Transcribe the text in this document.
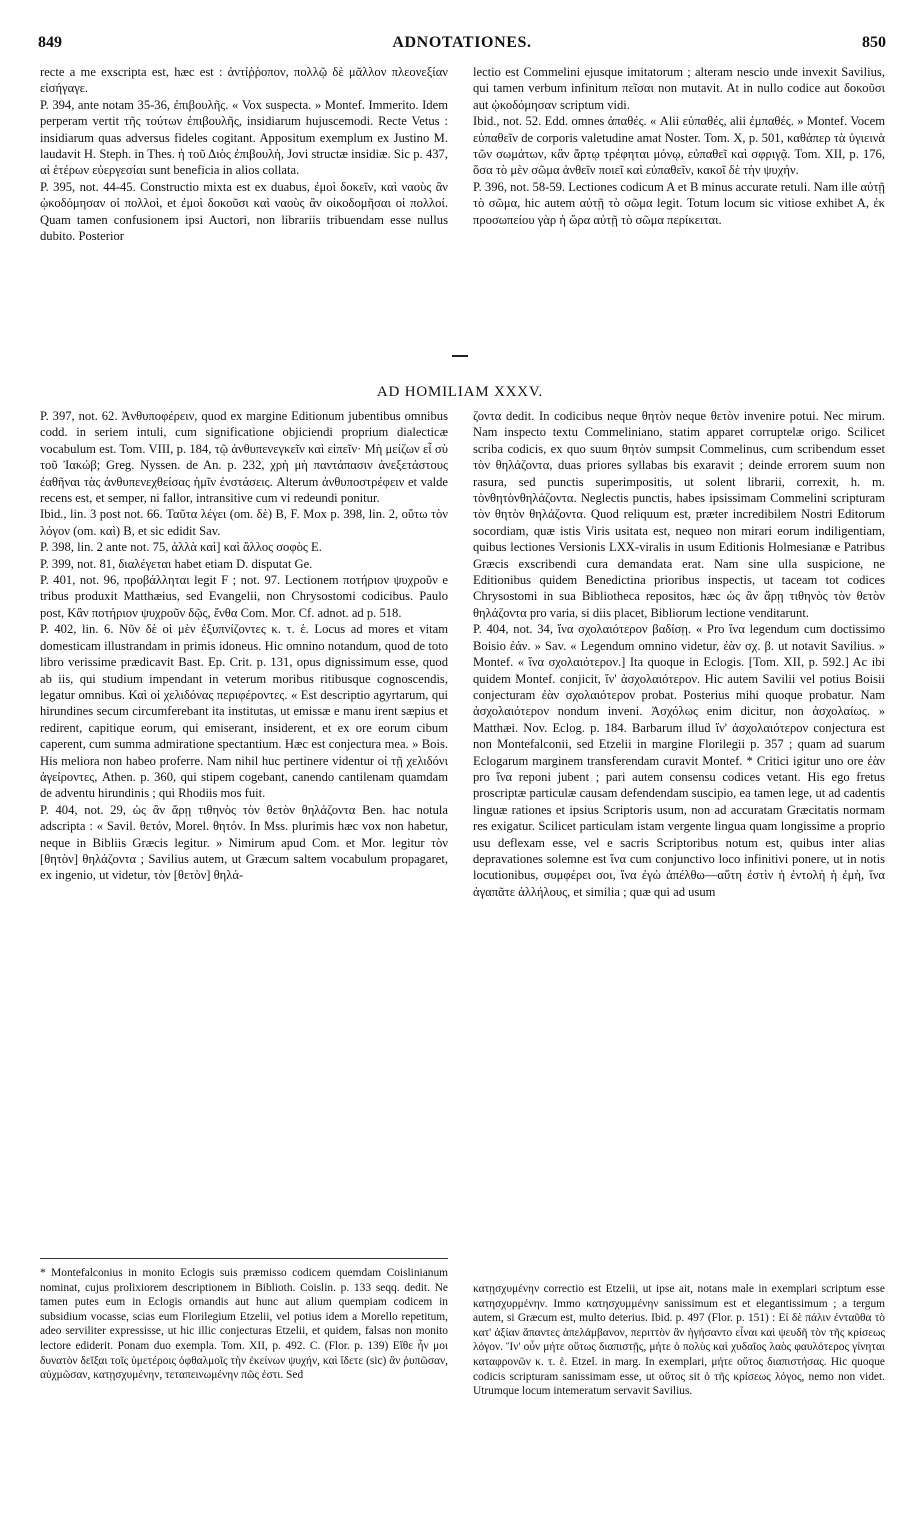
849	ADNOTATIONES.	850

recte a me exscripta est, hæc est : ἀντίῤῥοπον, πολλῷ δὲ μᾶλλον πλεονεξίαν εἰσήγαγε.

P. 394, ante notam 35-36, ἐπιβουλῆς. « Vox suspecta. » Montef. Immerito. Idem perperam vertit τῆς τούτων ἐπιβουλῆς, insidiarum hujuscemodi. Recte Vetus : insidiarum quas adversus fideles cogitant. Appositum exemplum ex Justino M. laudavit H. Steph. in Thes. ἡ τοῦ Διὸς ἐπιβουλὴ, Jovi structæ insidiæ. Sic p. 437, αἱ ἑτέρων εὐεργεσίαι sunt beneficia in alios collata.

P. 395, not. 44-45. Constructio mixta est ex duabus, ἐμοὶ δοκεῖν, καὶ ναοὺς ἂν ᾠκοδόμησαν οἱ πολλοὶ, et ἐμοὶ δοκοῦσι καὶ ναοὺς ἂν οἰκοδομῆσαι οἱ πολλοί. Quam tamen confusionem ipsi Auctori, non librariis tribuendam esse nullus dubito. Posterior

lectio est Commelini ejusque imitatorum ; alteram nescio unde invexit Savilius, qui tamen verbum infinitum πεῖσαι non mutavit. At in nullo codice aut δοκοῦσι aut ᾠκοδόμησαν scriptum vidi.

Ibid., not. 52. Edd. omnes ἀπαθές. « Alii εὐπαθές, alii ἐμπαθές. » Montef. Vocem εὐπαθεῖν de corporis valetudine amat Noster. Tom. X, p. 501, καθάπερ τὰ ὑγιεινὰ τῶν σωμάτων, κἂν ἄρτῳ τρέφηται μόνῳ, εὐπαθεῖ καὶ σφριγᾷ. Tom. XII, p. 176, ὅσα τὸ μὲν σῶμα ἀνθεῖν ποιεῖ καὶ εὐπαθεῖν, κακοῖ δὲ τὴν ψυχήν.

P. 396, not. 58-59. Lectiones codicum A et B minus accurate retuli. Nam ille αὐτῇ τὸ σῶμα, hic autem αὐτῇ τὸ σῶμα legit. Totum locum sic vitiose exhibet A, ἐκ προσωπείου γὰρ ἡ ὥρα αὐτῇ τὸ σῶμα περίκειται.

AD HOMILIAM XXXV.

P. 397, not. 62. Ἀνθυποφέρειν, quod ex margine Editionum jubentibus omnibus codd. in seriem intuli, cum significatione objiciendi proprium dialecticæ vocabulum est. Tom. VIII, p. 184, τῷ ἀνθυπενεγκεῖν καὶ εἰπεῖν· Μὴ μείζων εἶ σὺ τοῦ Ἰακώβ; Greg. Nyssen. de An. p. 232, χρὴ μὴ παντάπασιν ἀνεξετάστους ἐαθῆναι τὰς ἀνθυπενεχθείσας ἡμῖν ἐνστάσεις. Alterum ἀνθυποστρέφειν et valde recens est, et semper, ni fallor, intransitive cum vi redeundi ponitur.

Ibid., lin. 3 post not. 66. Ταῦτα λέγει (om. δὲ) B, F. Mox p. 398, lin. 2, οὕτω τὸν λόγον (om. καὶ) B, et sic edidit Sav.

P. 398, lin. 2 ante not. 75, ἀλλὰ καὶ] καὶ ἄλλος σοφὸς E.

P. 399, not. 81, διαλέγεται habet etiam D. disputat Ge.

P. 401, not. 96, προβάλληται legit F ; not. 97. Lectionem ποτήριον ψυχροῦν e tribus produxit Matthæius, sed Evangelii, non Chrysostomi codicibus. Paulo post, Κἂν ποτήριον ψυχροῦν δῷς, ἔνθα Com. Mor. Cf. adnot. ad p. 518.

P. 402, lin. 6. Νῦν δὲ οἱ μὲν ἐξυπνίζοντες κ. τ. ἑ. Locus ad mores et vitam domesticam illustrandam in primis idoneus. Hic omnino notandum, quod de toto libro verissime prædicavit Bast. Ep. Crit. p. 131, opus dignissimum esse, quod ab iis, qui studium impendant in veterum moribus ritibusque cognoscendis, legatur omnibus. Καὶ οἱ χελιδόνας περιφέροντες. « Est descriptio agyrtarum, qui hirundines secum circumferebant ita institutas, ut emissæ e manu irent sæpius et redirent, capitique eorum, qui emiserant, insiderent, et ex ore eorum cibum caperent, cum summa admiratione spectantium. Hæc est conjectura mea. » Bois. His meliora non habeo proferre. Nam nihil huc pertinere videntur οἱ τῇ χελιδόνι ἀγείροντες, Athen. p. 360, qui stipem cogebant, canendo cantilenam quamdam de adventu hirundinis ; qui Rhodiis mos fuit.

P. 404, not. 29, ὡς ἂν ἄρῃ τιθηνὸς τὸν θετὸν θηλάζοντα Ben. hac notula adscripta : « Savil. θετόν, Morel. θητόν. In Mss. plurimis hæc vox non habetur, neque in Bibliis Græcis legitur. » Nimirum apud Com. et Mor. legitur τὸν [θητὸν] θηλάζοντα ; Savilius autem, ut Græcum saltem vocabulum propagaret, ex ingenio, ut videtur, τὸν [θετὸν] θηλά-

ζοντα dedit. In codicibus neque θητὸν neque θετὸν invenire potui. Nec mirum. Nam inspecto textu Commeliniano, statim apparet corruptelæ origo. Scilicet scriba codicis, ex quo suum θητὸν sumpsit Commelinus, cum scribendum esset τὸν θηλάζοντα, duas priores syllabas bis exaravit ; deinde errorem suum non rasura, sed punctis superimpositis, ut solent librarii, correxit, h. m. τὸνθητὸνθηλάζοντα. Neglectis punctis, habes ipsissimam Commelini scripturam τὸν θητὸν θηλάζοντα. Quod reliquum est, præter incredibilem Nostri Editorum socordiam, quæ istis Viris usitata est, nequeo non mirari eorum indiligentiam, quibus lectiones Versionis LXX-viralis in usum Editionis Holmesianæ e Patribus Græcis exscribendi cura demandata erat. Nam sine ulla suspicione, ne Editionibus quidem Benedictina prioribus inspectis, ut taceam tot codices Chrysostomi in sua Bibliotheca repositos, hæc ὡς ἂν ἄρῃ τιθηνὸς τὸν θετὸν θηλάζοντα pro varia, si diis placet, Bibliorum lectione venditarunt.

P. 404, not. 34, ἵνα σχολαιότερον βαδίσῃ. « Pro ἵνα legendum cum doctissimo Boisio ἐάν. » Sav. « Legendum omnino videtur, ἐὰν σχ. β. ut notavit Savilius. » Montef. « ἵνα σχολαιότερον.] Ita quoque in Eclogis. [Tom. XII, p. 592.] Ac ibi quidem Montef. conjicit, ἵν' ἀσχολαιότερον. Hic autem Savilii vel potius Boisii conjecturam ἐὰν σχολαιότερον probat. Posterius mihi quoque probatur. Nam ἀσχολαιότερον nondum inveni. Ἀσχόλως enim dicitur, non ἀσχολαίως. » Matthæi. Nov. Eclog. p. 184. Barbarum illud ἵν' ἀσχολαιότερον conjectura est non Montefalconii, sed Etzelii in margine Florilegii p. 357 ; quam ad suarum Eclogarum marginem transferendam curavit Montef. * Critici igitur uno ore ἐὰν pro ἵνα reponi jubent ; pari autem consensu codices vetant. His ego fretus proscriptæ particulæ causam defendendam suscipio, ea tamen lege, ut ad cadentis linguæ rationes et ipsius Scriptoris usum, non ad accuratam Græcitatis normam res exigatur. Scilicet particulam istam vergente lingua quam longissime a proprio usu deflexam esse, vel e sacris Scriptoribus notum est, quibus inter alias depravationes solemne est ἵνα cum conjunctivo loco infinitivi ponere, ut in notis locutionibus, συμφέρει σοι, ἵνα ἐγὼ ἀπέλθω—αὕτη ἐστὶν ἡ ἐντολὴ ἡ ἐμὴ, ἵνα ἀγαπᾶτε ἀλλήλους, et similia ; quæ qui ad usum

* Montefalconius in monito Eclogis suis præmisso codicem quemdam Coislinianum nominat, cujus prolixiorem descriptionem in Biblioth. Coislin. p. 133 seqq. dedit. Ne tamen putes eum in Eclogis ornandis aut hunc aut alium quempiam codicem in subsidium vocasse, scias eum Florilegium Etzelii, vel potius idem a Morello repetitum, adeo serviliter expressisse, ut hic illic conjecturas Etzelii, et quidem, falsas non monito lectore ediderit. Ponam duo exempla. Tom. XII, p. 492. C. (Flor. p. 139) Εἴθε ἦν μοι δυνατὸν δεῖξαι τοῖς ὑμετέροις ὀφθαλμοῖς τὴν ἐκείνων ψυχήν, καὶ ἴδετε (sic) ἂν ῥυπῶσαν, αὐχμῶσαν, κατῃσχυμένην, τεταπεινωμένην πῶς ἐστι. Sed

κατῃσχυμένην correctio est Etzelii, ut ipse ait, notans male in exemplari scriptum esse κατησχυρμένην. Immo κατησχυμμένην sanissimum est et elegantissimum ; a tergum autem, si Græcum est, multo deterius. Ibid. p. 497 (Flor. p. 151) : Εἰ δὲ πάλιν ἐνταῦθα τὸ κατ' ἀξίαν ἅπαντες ἀπελάμβανον, περιττὸν ἂν ἡγήσαντο εἶναι καὶ ψευδῆ τὸν τῆς κρίσεως λόγον. Ἵν' οὖν μήτε οὕτως διαπιστῇς, μήτε ὁ πολὺς καὶ χυδαῖος λαὸς φαυλότερος γίνηται καταφρονῶν κ. τ. ἑ. Etzel. in marg. In exemplari, μήτε οὕτος διαπιστήσας. Hic quoque codicis scripturam sanissimam esse, ut οὕτος sit ὁ τῆς κρίσεως λόγος, nemo non videt. Utrumque locum intemeratum servavit Savilius.
